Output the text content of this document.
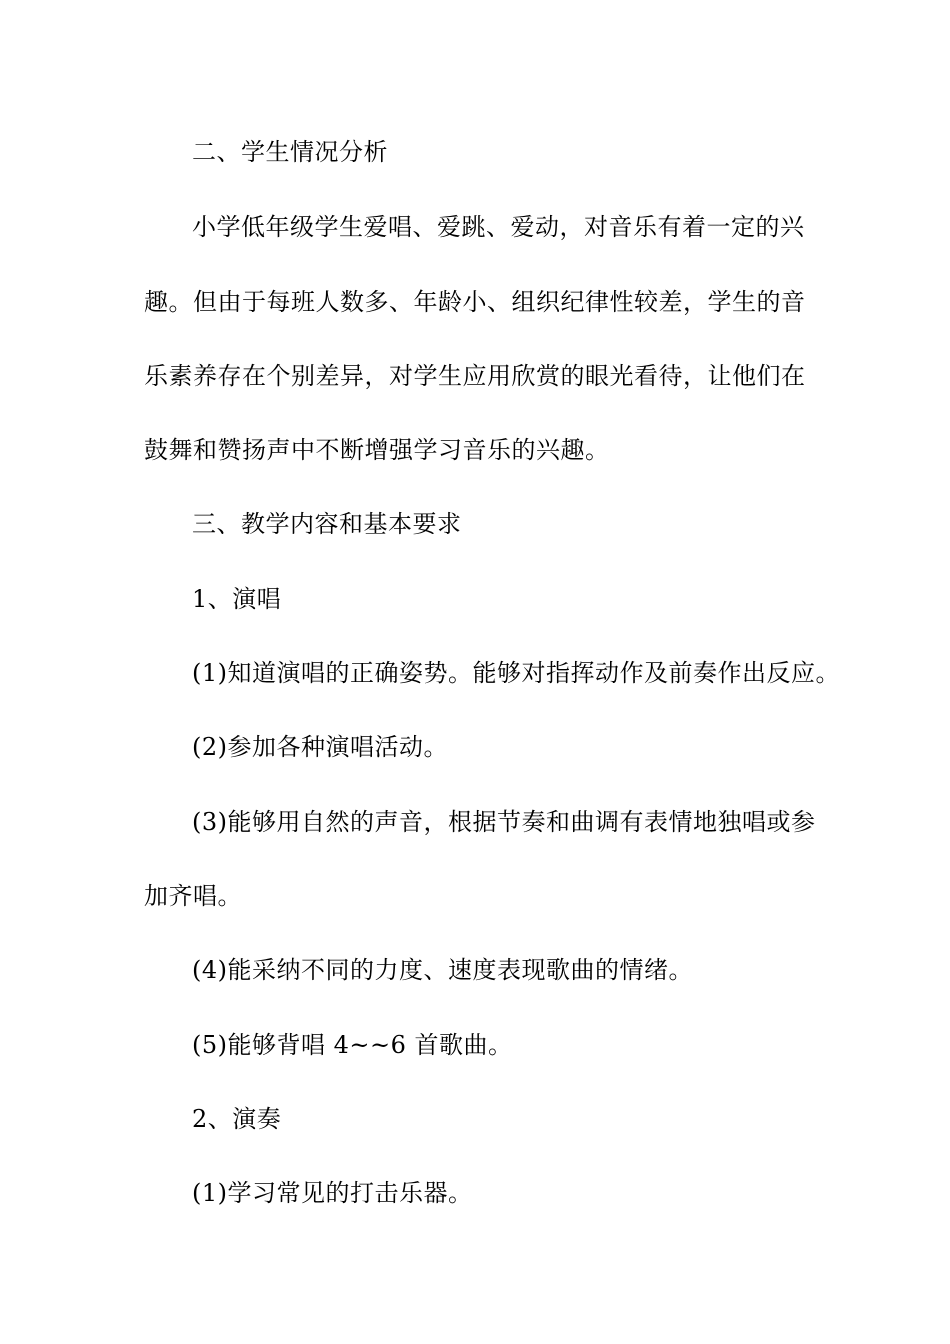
二、学生情况分析
小学低年级学生爱唱、爱跳、爱动，对音乐有着一定的兴
趣。但由于每班人数多、年龄小、组织纪律性较差，学生的音
乐素养存在个别差异，对学生应用欣赏的眼光看待，让他们在
鼓舞和赞扬声中不断增强学习音乐的兴趣。
三、教学内容和基本要求
1、演唱
(1)知道演唱的正确姿势。能够对指挥动作及前奏作出反应。
(2)参加各种演唱活动。
(3)能够用自然的声音，根据节奏和曲调有表情地独唱或参
加齐唱。
(4)能采纳不同的力度、速度表现歌曲的情绪。
(5)能够背唱 4~~6 首歌曲。
2、演奏
(1)学习常见的打击乐器。
